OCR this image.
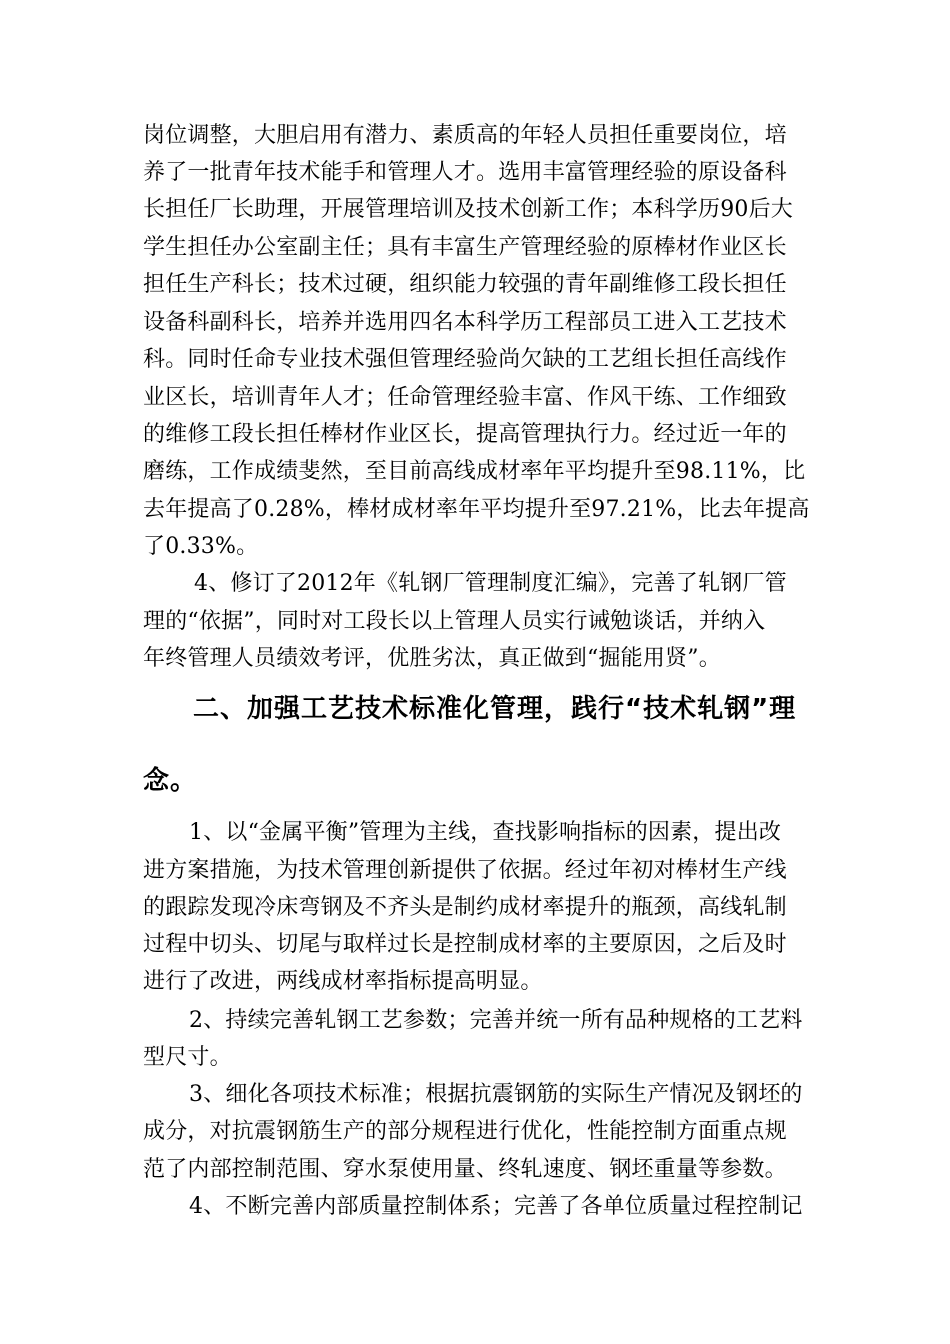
岗位调整，大胆启用有潜力、素质高的年轻人员担任重要岗位，培
养了一批青年技术能手和管理人才。选用丰富管理经验的原设备科
长担任厂长助理，开展管理培训及技术创新工作；本科学历90后大
学生担任办公室副主任；具有丰富生产管理经验的原棒材作业区长
担任生产科长；技术过硬，组织能力较强的青年副维修工段长担任
设备科副科长，培养并选用四名本科学历工程部员工进入工艺技术
科。同时任命专业技术强但管理经验尚欠缺的工艺组长担任高线作
业区长，培训青年人才；任命管理经验丰富、作风干练、工作细致
的维修工段长担任棒材作业区长，提高管理执行力。经过近一年的
磨练，工作成绩斐然，至目前高线成材率年平均提升至98.11%，比
去年提高了0.28%，棒材成材率年平均提升至97.21%，比去年提高
了0.33%。
4、修订了2012年《轧钢厂管理制度汇编》，完善了轧钢厂管
理的“依据”，同时对工段长以上管理人员实行诫勉谈话，并纳入
年终管理人员绩效考评，优胜劣汰，真正做到“掘能用贤”。
二、加强工艺技术标准化管理，践行“技术轧钢”理
念。
1、以“金属平衡”管理为主线，查找影响指标的因素，提出改
进方案措施，为技术管理创新提供了依据。经过年初对棒材生产线
的跟踪发现冷床弯钢及不齐头是制约成材率提升的瓶颈，高线轧制
过程中切头、切尾与取样过长是控制成材率的主要原因，之后及时
进行了改进，两线成材率指标提高明显。
2、持续完善轧钢工艺参数；完善并统一所有品种规格的工艺料
型尺寸。
3、细化各项技术标准；根据抗震钢筋的实际生产情况及钢坯的
成分，对抗震钢筋生产的部分规程进行优化，性能控制方面重点规
范了内部控制范围、穿水泵使用量、终轧速度、钢坯重量等参数。
4、不断完善内部质量控制体系；完善了各单位质量过程控制记
